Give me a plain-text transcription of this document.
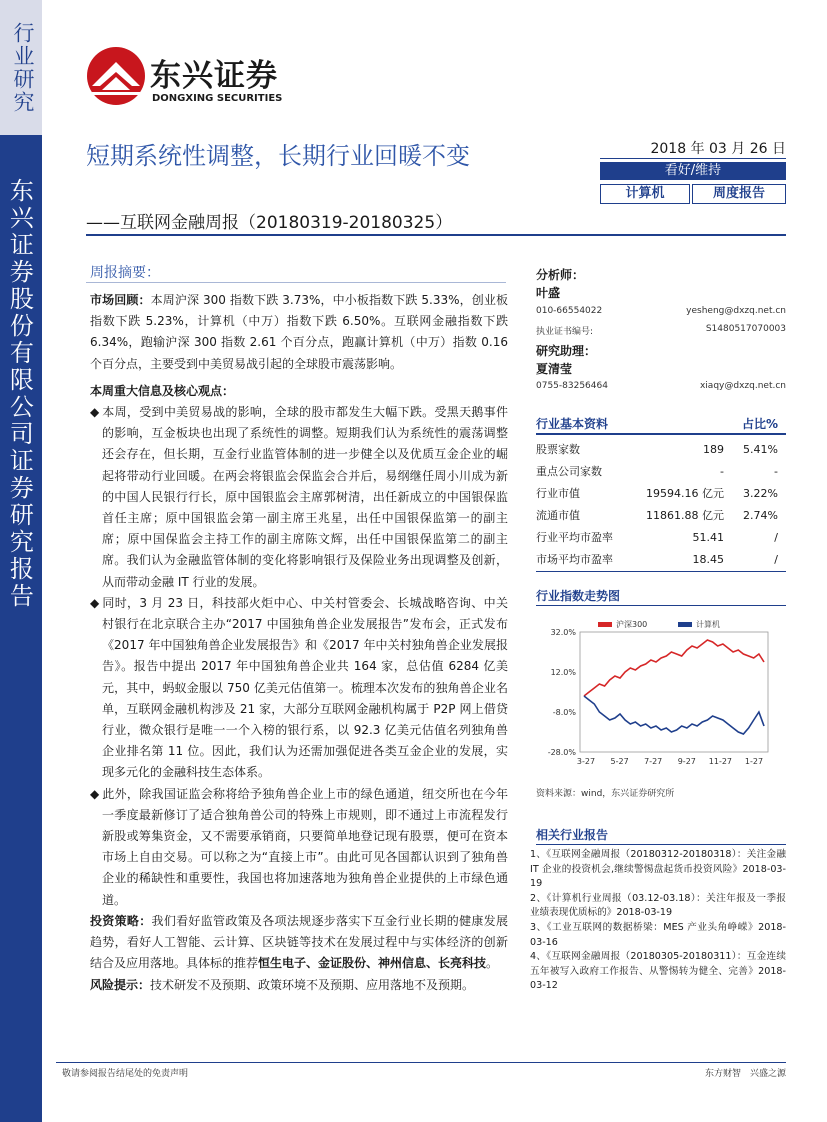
行业研究
东兴证券股份有限公司证券研究报告
东兴证券
DONGXING SECURITIES
短期系统性调整，长期行业回暖不变
——互联网金融周报（20180319-20180325）
2018 年 03 月 26 日
看好/维持
计算机	周度报告
周报摘要：

市场回顾：本周沪深 300 指数下跌 3.73%，中小板指数下跌 5.33%，创业板指数下跌 5.23%，计算机（中万）指数下跌 6.50%。互联网金融指数下跌 6.34%，跑输沪深 300 指数 2.61 个百分点，跑赢计算机（中万）指数 0.16 个百分点，主要受到中美贸易战引起的全球股市震荡影响。

本周重大信息及核心观点：

◆ 本周，受到中美贸易战的影响，全球的股市都发生大幅下跌。受黑天鹅事件的影响，互金板块也出现了系统性的调整。短期我们认为系统性的震荡调整还会存在，但长期，互金行业监管体制的进一步健全以及优质互金企业的崛起将带动行业回暖。在两会将银监会保监会合并后，易纲继任周小川成为新的中国人民银行行长，原中国银监会主席郭树清，出任新成立的中国银保监首任主席；原中国银监会第一副主席王兆星，出任中国银保监第一的副主席；原中国保监会主持工作的副主席陈文辉，出任中国银保监第二的副主席。我们认为金融监管体制的变化将影响银行及保险业务出现调整及创新，从而带动金融 IT 行业的发展。

◆ 同时，3 月 23 日，科技部火炬中心、中关村管委会、长城战略咨询、中关村银行在北京联合主办“2017 中国独角兽企业发展报告”发布会，正式发布《2017 年中国独角兽企业发展报告》和《2017 年中关村独角兽企业发展报告》。报告中提出 2017 年中国独角兽企业共 164 家，总估值 6284 亿美元，其中，蚂蚁金服以 750 亿美元估值第一。梳理本次发布的独角兽企业名单，互联网金融机构涉及 21 家，大部分互联网金融机构属于 P2P 网上借贷行业，微众银行是唯一一个入榜的银行系，以 92.3 亿美元估值名列独角兽企业排名第 11 位。因此，我们认为还需加强促进各类互金企业的发展，实现多元化的金融科技生态体系。

◆ 此外，除我国证监会称将给予独角兽企业上市的绿色通道，纽交所也在今年一季度最新修订了适合独角兽公司的特殊上市规则，即不通过上市流程发行新股或筹集资金，又不需要承销商，只要简单地登记现有股票，便可在资本市场上自由交易。可以称之为“直接上市”。由此可见各国都认识到了独角兽企业的稀缺性和重要性，我国也将加速落地为独角兽企业提供的上市绿色通道。

投资策略：我们看好监管政策及各项法规逐步落实下互金行业长期的健康发展趋势，看好人工智能、云计算、区块链等技术在发展过程中与实体经济的创新结合及应用落地。具体标的推荐恒生电子、金证股份、神州信息、长亮科技。

风险提示：技术研发不及预期、政策环境不及预期、应用落地不及预期。

分析师：
叶盛
010-66554022	yesheng@dxzq.net.cn
执业证书编号:	S1480517070003
研究助理：
夏清莹
0755-83256464	xiaqy@dxzq.net.cn
行业基本资料	占比%
股票家数	189	5.41%
重点公司家数	-	-
行业市值	19594.16 亿元	3.22%
流通市值	11861.88 亿元	2.74%
行业平均市盈率	51.41	/
市场平均市盈率	18.45	/
行业指数走势图
32.0%
12.0%
-8.0%
-28.0%
3-27 5-27 7-27 9-27 11-27 1-27
沪深300	计算机
资料来源：wind，东兴证券研究所
相关行业报告

1、《互联网金融周报（20180312-20180318）：关注金融 IT 企业的投资机会,继续警惕盘起货币投资风险》2018-03-19

2、《计算机行业周报（03.12-03.18）：关注年报及一季报业绩表现优质标的》2018-03-19

3、《工业互联网的数据桥梁：MES 产业头角峥嵘》2018-03-16

4、《互联网金融周报（20180305-20180311）：互金连续五年被写入政府工作报告、从警惕转为健全、完善》2018-03-12

敬请参阅报告结尾处的免责声明	东方财智　兴盛之源
